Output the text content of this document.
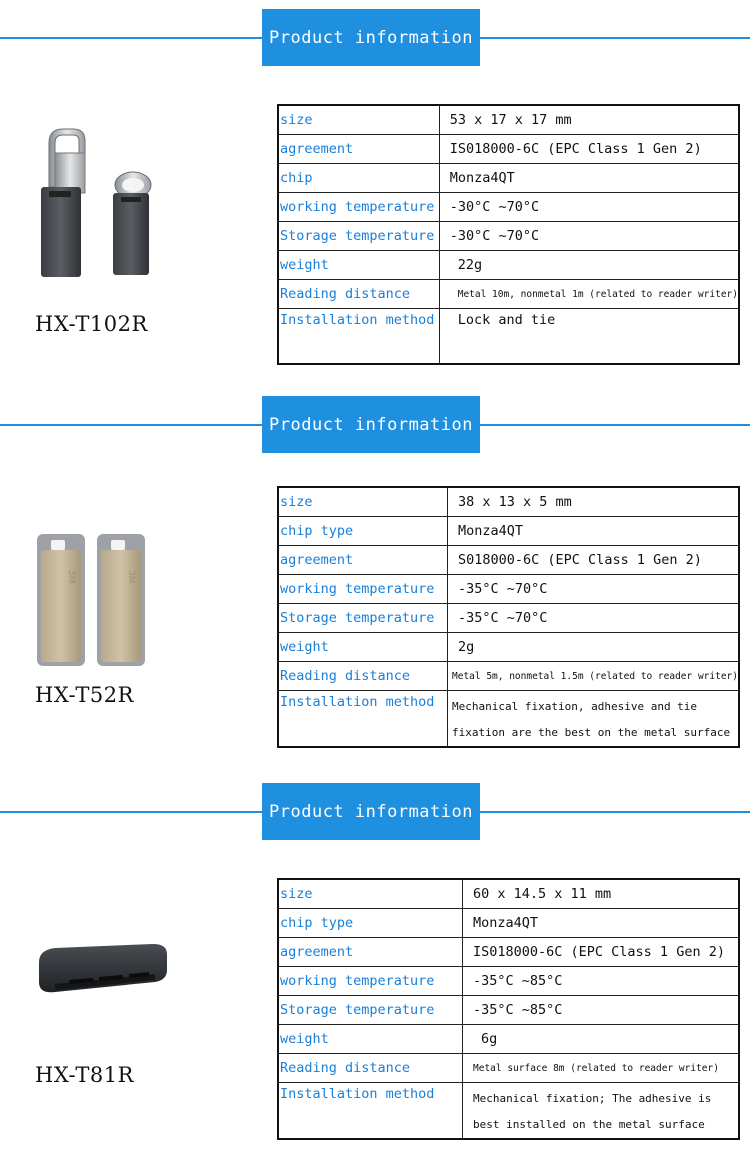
Product information
HX-T102R
size	53 x 17 x 17 mm
agreement	IS018000-6C (EPC Class 1 Gen 2)
chip	Monza4QT
working temperature	-30°C ~70°C
Storage temperature	-30°C ~70°C
weight	22g
Reading distance	Metal 10m, nonmetal 1m (related to reader writer)
Installation method	Lock and tie
Product information
3M	3M
HX-T52R
size	38 x 13 x 5 mm
chip type	Monza4QT
agreement	S018000-6C (EPC Class 1 Gen 2)
working temperature	-35°C ~70°C
Storage temperature	-35°C ~70°C
weight	2g
Reading distance	Metal 5m, nonmetal 1.5m (related to reader writer)
Installation method	Mechanical fixation, adhesive and tie fixation are the best on the metal surface
Product information
HX-T81R
size	60 x 14.5 x 11 mm
chip type	Monza4QT
agreement	IS018000-6C (EPC Class 1 Gen 2)
working temperature	-35°C ~85°C
Storage temperature	-35°C ~85°C
weight	6g
Reading distance	Metal surface 8m (related to reader writer)
Installation method	Mechanical fixation; The adhesive is best installed on the metal surface
